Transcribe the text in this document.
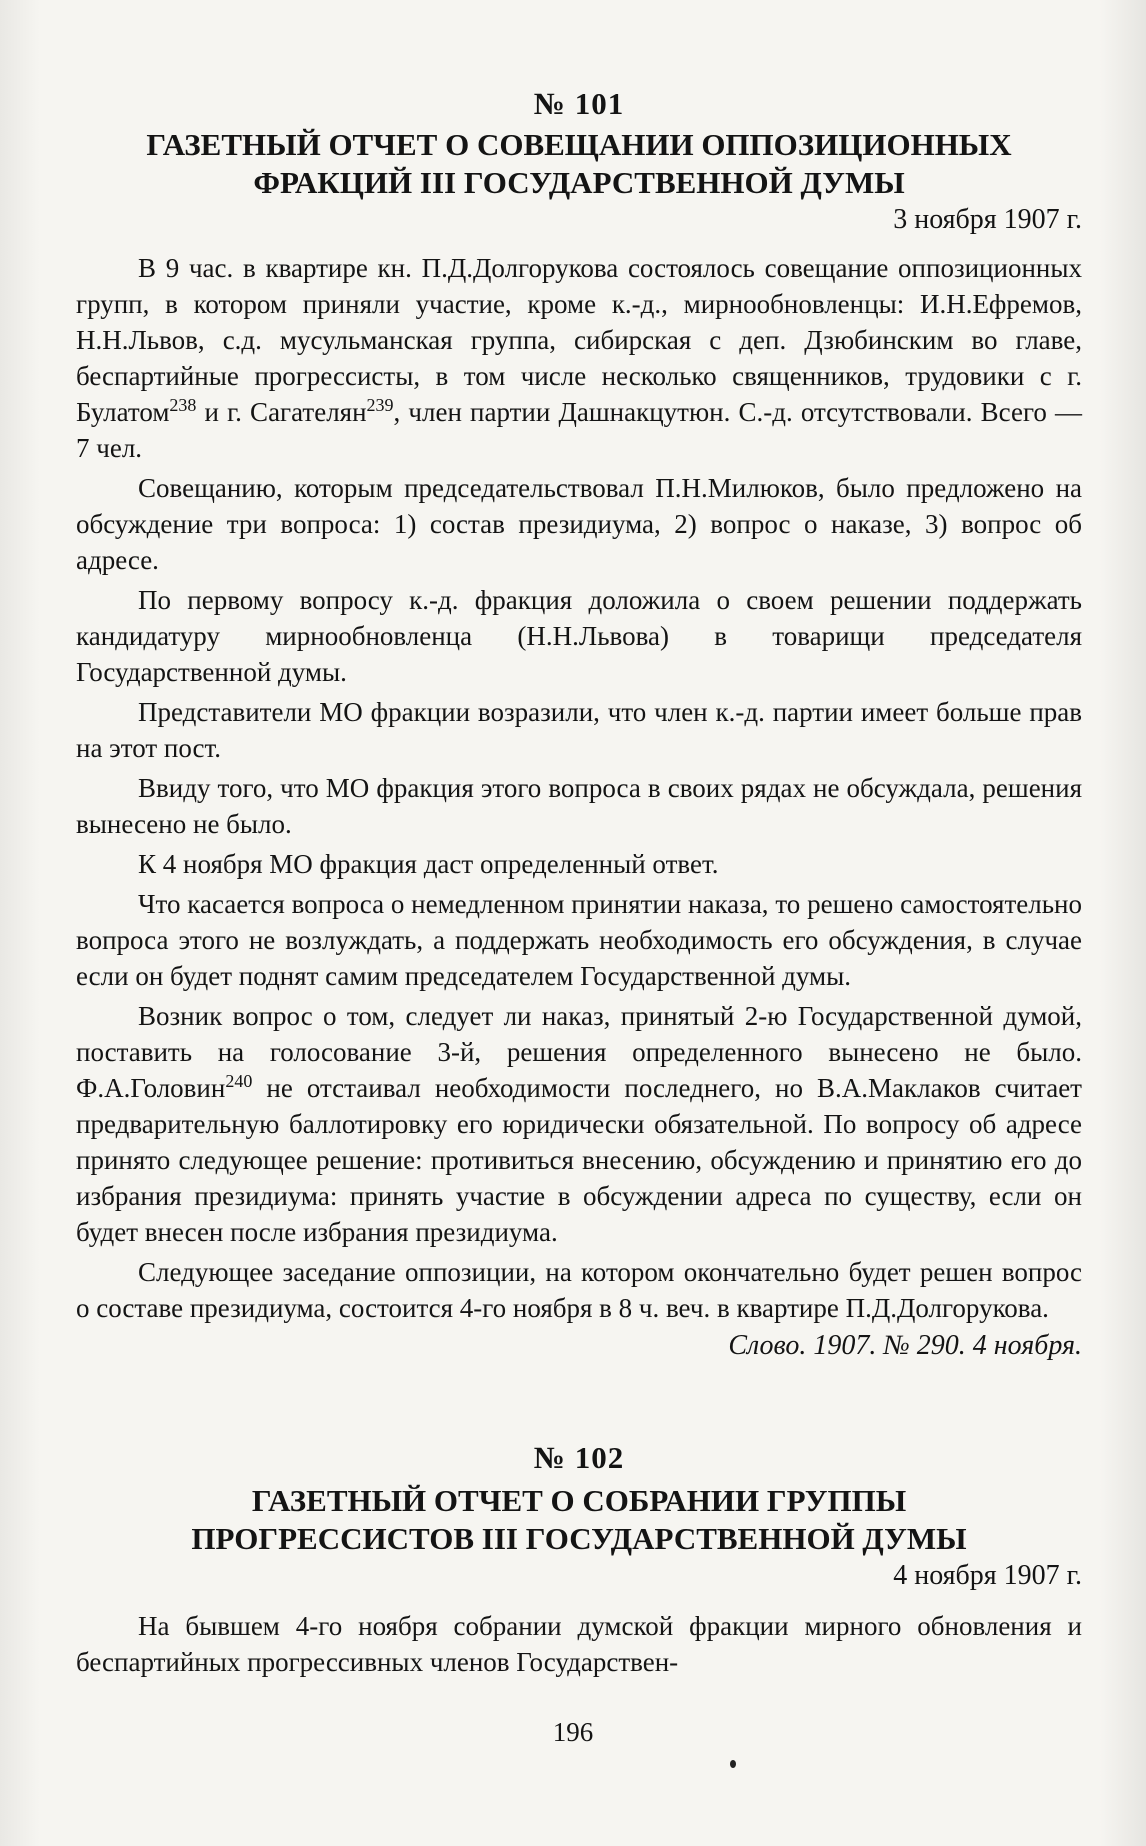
№ 101
ГАЗЕТНЫЙ ОТЧЕТ О СОВЕЩАНИИ ОППОЗИЦИОННЫХ
ФРАКЦИЙ III ГОСУДАРСТВЕННОЙ ДУМЫ
3 ноября 1907 г.

В 9 час. в квартире кн. П.Д.Долгорукова состоялось совещание оппозиционных групп, в котором приняли участие, кроме к.-д., мирнообновленцы: И.Н.Ефремов, Н.Н.Львов, с.д. мусульманская группа, сибирская с деп. Дзюбинским во главе, беспартийные прогрессисты, в том числе несколько священников, трудовики с г. Булатом$^{238}$ и г. Сагателян$^{239}$, член партии Дашнакцутюн. С.-д. отсутствовали. Всего — 7 чел.

Совещанию, которым председательствовал П.Н.Милюков, было предложено на обсуждение три вопроса: 1) состав президиума, 2) вопрос о наказе, 3) вопрос об адресе.

По первому вопросу к.-д. фракция доложила о своем решении поддержать кандидатуру мирнообновленца (Н.Н.Львова) в товарищи председателя Государственной думы.

Представители МО фракции возразили, что член к.-д. партии имеет больше прав на этот пост.

Ввиду того, что МО фракция этого вопроса в своих рядах не обсуждала, решения вынесено не было.

К 4 ноября МО фракция даст определенный ответ.

Что касается вопроса о немедленном принятии наказа, то решено самостоятельно вопроса этого не возлуждать, а поддержать необходимость его обсуждения, в случае если он будет поднят самим председателем Государственной думы.

Возник вопрос о том, следует ли наказ, принятый 2-ю Государственной думой, поставить на голосование 3-й, решения определенного вынесено не было. Ф.А.Головин$^{240}$ не отстаивал необходимости последнего, но В.А.Маклаков считает предварительную баллотировку его юридически обязательной. По вопросу об адресе принято следующее решение: противиться внесению, обсуждению и принятию его до избрания президиума: принять участие в обсуждении адреса по существу, если он будет внесен после избрания президиума.

Следующее заседание оппозиции, на котором окончательно будет решен вопрос о составе президиума, состоится 4-го ноября в 8 ч. веч. в квартире П.Д.Долгорукова.

Слово. 1907. № 290. 4 ноября.
№ 102
ГАЗЕТНЫЙ ОТЧЕТ О СОБРАНИИ ГРУППЫ
ПРОГРЕССИСТОВ III ГОСУДАРСТВЕННОЙ ДУМЫ
4 ноября 1907 г.

На бывшем 4-го ноября собрании думской фракции мирного обновления и беспартийных прогрессивных членов Государствен-

196
